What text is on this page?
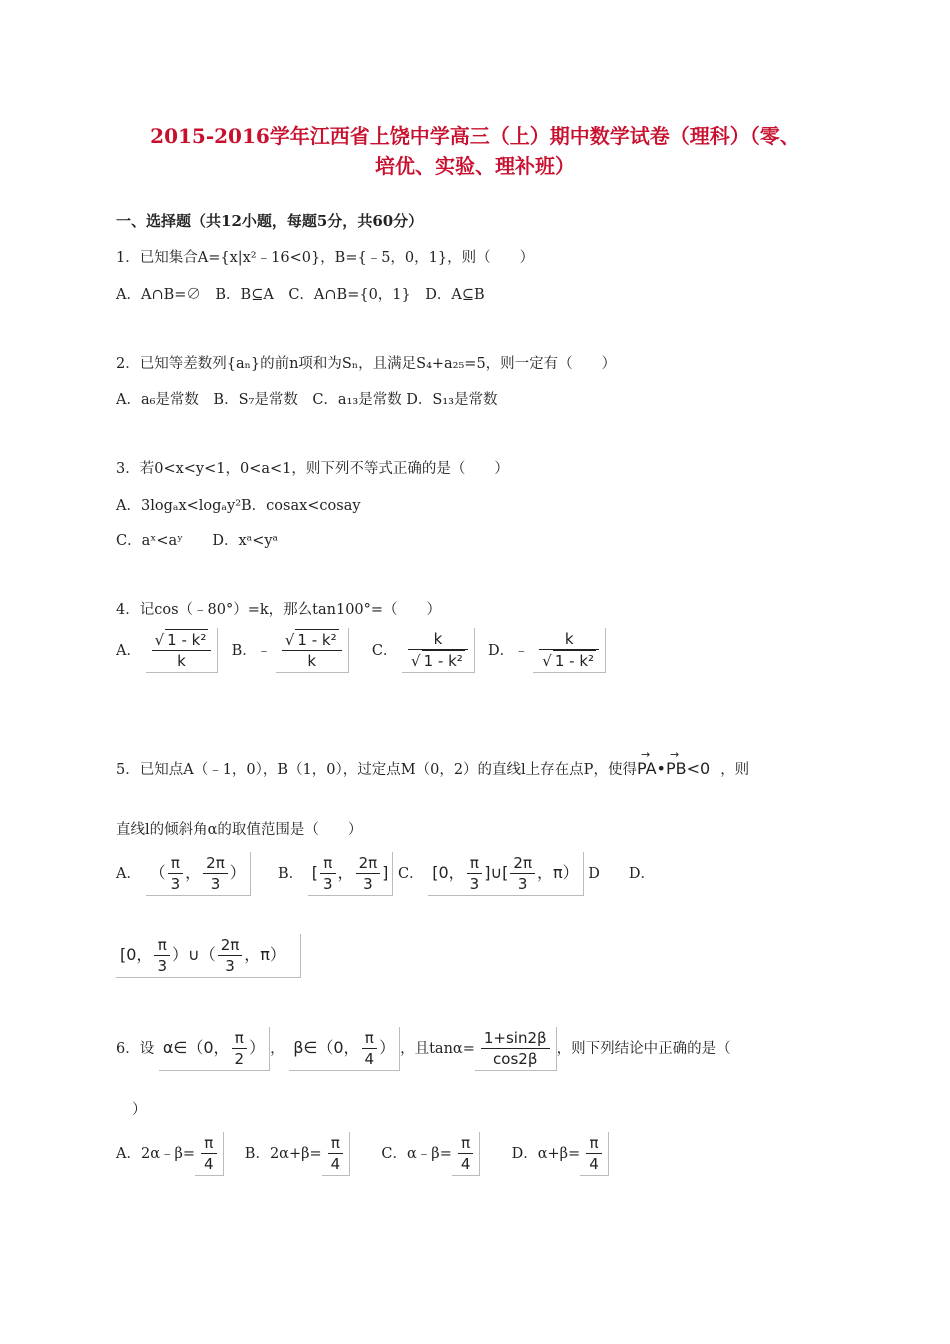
2015-2016学年江西省上饶中学高三（上）期中数学试卷（理科）（零、
培优、实验、理补班）
一、选择题（共12小题，每题5分，共60分）
1．已知集合A={x|x²﹣16<0}，B={﹣5，0，1}，则（　　）
A．A∩B=∅　B．B⊆A　C．A∩B={0，1}　D．A⊆B
2．已知等差数列{aₙ}的前n项和为Sₙ，且满足S₄+a₂₅=5，则一定有（　　）
A．a₆是常数　B．S₇是常数　C．a₁₃是常数 D．S₁₃是常数
3．若0<x<y<1，0<a<1，则下列不等式正确的是（　　）
A．3logₐx<logₐy²B．cosax<cosay
C．aˣ<aʸ　　D．xᵃ<yᵃ
4．记cos（﹣80°）=k，那么tan100°=（　　）
A． $\frac{\text{√ 1 - k²}}{k}$ B．﹣ $\frac{\text{√ 1 - k²}}{k}$ C． $\frac{k}{\text{√ 1 - k²}}$ D．﹣ $\frac{k}{\text{√ 1 - k²}}$
5．已知点A（﹣1，0），B（1，0），过定点M（0，2）的直线l上存在点P，使得→ PA•→ PB<0 ，则
直线l的倾斜角α的取值范围是（　　）
A． （ $\frac{\pi}{3}$ ， $\frac{2\pi}{3}$ ） B． [ $\frac{\pi}{3}$ ， $\frac{2\pi}{3}$ ] C． [0， $\frac{\pi}{3}$ ]∪[ $\frac{2\pi}{3}$ ，π） D　　D．
[0， $\frac{\pi}{3}$ ）∪（ $\frac{2\pi}{3}$ ，π）
6．设 α∈（0， $\frac{\pi}{2}$ ） ， β∈（0， $\frac{\pi}{4}$ ） ，且$\tan\alpha= \frac{1+\sin 2\beta}{\cos 2\beta}$ ，则下列结论中正确的是（
）
A．2α﹣β= $\frac{\pi}{4}$ B．$2\alpha+\beta= \frac{\pi}{4}$	C．α﹣β= $\frac{\pi}{4}$	D．$\alpha+\beta= \frac{\pi}{4}$
